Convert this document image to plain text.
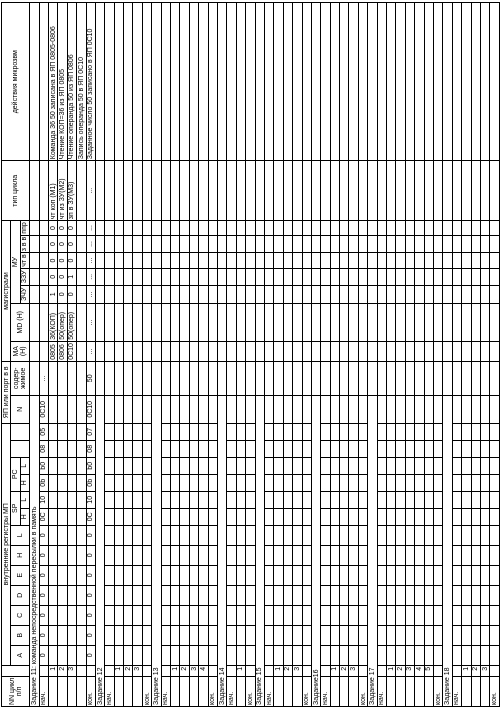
NN цикл п/п		внутренние регистры МП													ЯП или порт в в		магистрали							тип цикла	действия микрозвм
		A	B	C	D	E	H	L	SP		PC				N	содер- жимое	MA (H)	MD (H)	MУ						
									H	L	H	L							ЗЧУ	ЗЗУ	чт в	з в в	ппр		
Задание 11: команда непосредственной пересылки в память																									
нач.		0	0	0	0	0	0	0	0C	10	0b	b0	08	05	0C10	...									
	1																0805	36(КОП)	1	0	0	0	0	чт коп (М1)	Команда 36 50 записана в ЯП 0805-0806
	2																0806	50(опер)	0	0	0	0	0	чт из ЗУ(М2)	Чтение КОП=36 из ЯП 0805
	3																0С10	50(опер)	0	1	0	0	0	зп в ЗУ(М3)	Чтение операнда 50 из ЯП 0806
																									Запись операнда 50 в ЯП 0С10
кон.		0	0	0	0	0	0	0	0C	10	0b	b0	08	07	0C10	50	...	...	...	...	...	...	...	...	Заданное число 50 записано в ЯП 0С10
Задание 12																									
нач.																									
	1																								
	2																								
	3																								
кон.																									
Задание 13																									
нач.																									
	1																								
	2																								
	3																								
	4																								
кон.																									
Задание 14																									
нач.																									
	1																								
кон.																									
Задание 15																									
нач.																									
	1																								
	2																								
	3																								
кон.																									
Задание16																									
нач.																									
	1																								
	2																								
	3																								
кон.																									
Задание 17																									
нач.																									
	1																								
	2																								
	3																								
	4																								
	5																								
кон.																									
Задание 18																									
нач.																									
	1																								
	2																								
	3																								
кон.																									
